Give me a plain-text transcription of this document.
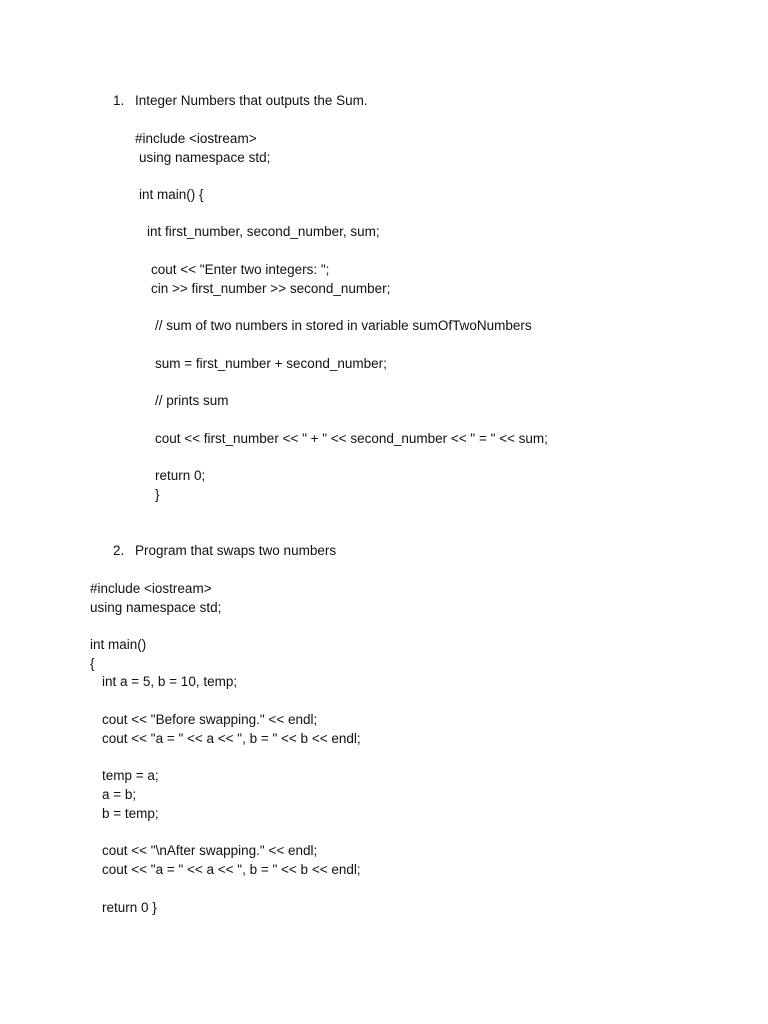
1. Integer Numbers that outputs the Sum.
#include <iostream>
using namespace std;
int main() {
int first_number, second_number, sum;
cout << "Enter two integers: ";
cin >> first_number >> second_number;
// sum of two numbers in stored in variable sumOfTwoNumbers
sum = first_number + second_number;
// prints sum
cout << first_number << " + " << second_number << " = " << sum;
return 0;
}
2. Program that swaps two numbers
#include <iostream>
using namespace std;
int main()
{
int a = 5, b = 10, temp;
cout << "Before swapping." << endl;
cout << "a = " << a << ", b = " << b << endl;
temp = a;
a = b;
b = temp;
cout << "\nAfter swapping." << endl;
cout << "a = " << a << ", b = " << b << endl;
return 0 }
